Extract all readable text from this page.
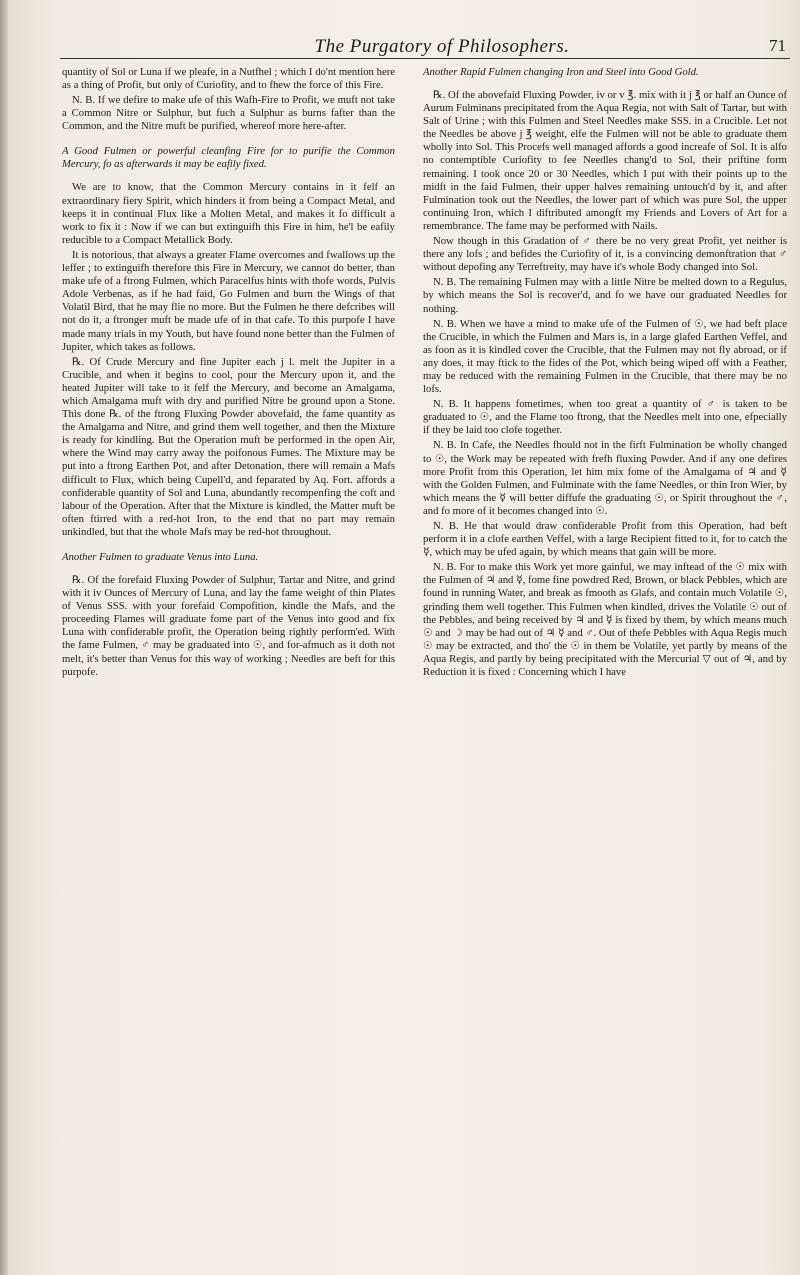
The Purgatory of Philosophers.	71

quantity of Sol or Luna if we pleafe, in a Nutfhel ; which I do'nt mention here as a thing of Profit, but only of Curiofity, and to fhew the force of this Fire.

N. B. If we defire to make ufe of this Wafh-Fire to Profit, we muft not take a Common Nitre or Sulphur, but fuch a Sulphur as burns fafter than the Common, and the Nitre muft be purified, whereof more here-after.

A Good Fulmen or powerful cleanfing Fire for to purifie the Common Mercury, fo as afterwards it may be eafily fixed.

We are to know, that the Common Mercury contains in it felf an extraordinary fiery Spirit, which hinders it from being a Compact Metal, and keeps it in continual Flux like a Molten Metal, and makes it fo difficult a work to fix it : Now if we can but extinguifh this Fire in him, he'l be eafily reducible to a Compact Metallick Body.

It is notorious, that always a greater Flame overcomes and fwallows up the leffer ; to extinguifh therefore this Fire in Mercury, we cannot do better, than make ufe of a ftrong Fulmen, which Paracelfus hints with thofe words, Pulvis Adole Verbenas, as if he had faid, Go Fulmen and burn the Wings of that Volatil Bird, that he may flie no more. But the Fulmen he there defcribes will not do it, a ftronger muft be made ufe of in that cafe. To this purpofe I have made many trials in my Youth, but have found none better than the Fulmen of Jupiter, which takes as follows.

℞. Of Crude Mercury and fine Jupiter each j l. melt the Jupiter in a Crucible, and when it begins to cool, pour the Mercury upon it, and the heated Jupiter will take to it felf the Mercury, and become an Amalgama, which Amalgama muft with dry and purified Nitre be ground upon a Stone. This done ℞. of the ftrong Fluxing Powder abovefaid, the fame quantity as the Amalgama and Nitre, and grind them well together, and then the Mixture is ready for kindling. But the Operation muft be performed in the open Air, where the Wind may carry away the poifonous Fumes. The Mixture may be put into a ftrong Earthen Pot, and after Detonation, there will remain a Mafs difficult to Flux, which being Cupell'd, and feparated by Aq. Fort. affords a confiderable quantity of Sol and Luna, abundantly recompenfing the coft and labour of the Operation. After that the Mixture is kindled, the Matter muft be often ftirred with a red-hot Iron, to the end that no part may remain unkindled, but that the whole Mafs may be red-hot throughout.

Another Fulmen to graduate Venus into Luna.

℞. Of the forefaid Fluxing Powder of Sulphur, Tartar and Nitre, and grind with it iv Ounces of Mercury of Luna, and lay the fame weight of thin Plates of Venus SSS. with your forefaid Compofition, kindle the Mafs, and the proceeding Flames will graduate fome part of the Venus into good and fix Luna with confiderable profit, the Operation being rightly perform'ed. With the fame Fulmen, ♂ may be graduated into ☉, and for-afmuch as it doth not melt, it's better than Venus for this way of working ; Needles are beft for this purpofe.

Another Rapid Fulmen changing Iron and Steel into Good Gold.

℞. Of the abovefaid Fluxing Powder, iv or v ℥. mix with it j ℥ or half an Ounce of Aurum Fulminans precipitated from the Aqua Regia, not with Salt of Tartar, but with Salt of Urine ; with this Fulmen and Steel Needles make SSS. in a Crucible. Let not the Needles be above j ℥ weight, elfe the Fulmen will not be able to graduate them wholly into Sol. This Procefs well managed affords a good increafe of Sol. It is alfo no contemptible Curiofity to fee Needles chang'd to Sol, their priftine form remaining. I took once 20 or 30 Needles, which I put with their points up to the midft in the faid Fulmen, their upper halves remaining untouch'd by it, and after Fulmination took out the Needles, the lower part of which was pure Sol, the upper continuing Iron, which I diftributed amongft my Friends and Lovers of Art for a remembrance. The fame may be performed with Nails.

Now though in this Gradation of ♂ there be no very great Profit, yet neither is there any lofs ; and befides the Curiofity of it, is a convincing demonftration that ♂ without depofing any Terreftreity, may have it's whole Body changed into Sol.

N. B. The remaining Fulmen may with a little Nitre be melted down to a Regulus, by which means the Sol is recover'd, and fo we have our graduated Needles for nothing.

N. B. When we have a mind to make ufe of the Fulmen of ☉, we had beft place the Crucible, in which the Fulmen and Mars is, in a large glafed Earthen Veffel, and as foon as it is kindled cover the Crucible, that the Fulmen may not fly abroad, or if any does, it may ftick to the fides of the Pot, which being wiped off with a Feather, may be reduced with the remaining Fulmen in the Crucible, that there may be no lofs.

N. B. It happens fometimes, when too great a quantity of ♂ is taken to be graduated to ☉, and the Flame too ftrong, that the Needles melt into one, efpecially if they be laid too clofe together.

N. B. In Cafe, the Needles fhould not in the firft Fulmination be wholly changed to ☉, the Work may be repeated with frefh fluxing Powder. And if any one defires more Profit from this Operation, let him mix fome of the Amalgama of ♃ and ☿ with the Golden Fulmen, and Fulminate with the fame Needles, or thin Iron Wier, by which means the ☿ will better diffufe the graduating ☉, or Spirit throughout the ♂, and fo more of it becomes changed into ☉.

N. B. He that would draw confiderable Profit from this Operation, had beft perform it in a clofe earthen Veffel, with a large Recipient fitted to it, for to catch the ☿, which may be ufed again, by which means that gain will be more.

N. B. For to make this Work yet more gainful, we may inftead of the ☉ mix with the Fulmen of ♃ and ☿, fome fine powdred Red, Brown, or black Pebbles, which are found in running Water, and break as fmooth as Glafs, and contain much Volatile ☉, grinding them well together. This Fulmen when kindled, drives the Volatile ☉ out of the Pebbles, and being received by ♃ and ☿ is fixed by them, by which means much ☉ and ☽ may be had out of ♃ ☿ and ♂. Out of thefe Pebbles with Aqua Regis much ☉ may be extracted, and tho' the ☉ in them be Volatile, yet partly by means of the Aqua Regis, and partly by being precipitated with the Mercurial ▽ out of ♃, and by Reduction it is fixed : Concerning which I have
